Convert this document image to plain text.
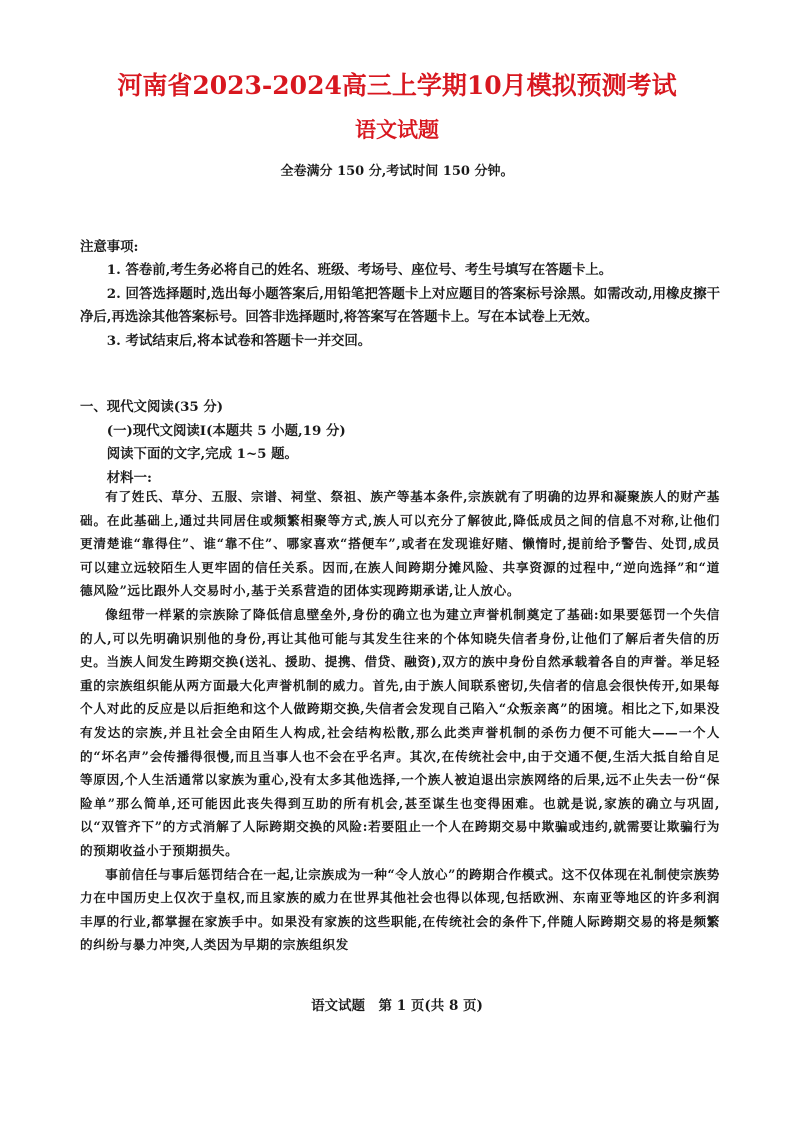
河南省2023-2024高三上学期10月模拟预测考试
语文试题
全卷满分 150 分,考试时间 150 分钟。

注意事项:

1. 答卷前,考生务必将自己的姓名、班级、考场号、座位号、考生号填写在答题卡上。

2. 回答选择题时,选出每小题答案后,用铅笔把答题卡上对应题目的答案标号涂黑。如需改动,用橡皮擦干净后,再选涂其他答案标号。回答非选择题时,将答案写在答题卡上。写在本试卷上无效。

3. 考试结束后,将本试卷和答题卡一并交回。

一、现代文阅读(35 分)

(一)现代文阅读Ⅰ(本题共 5 小题,19 分)

阅读下面的文字,完成 1~5 题。

材料一:

有了姓氏、草分、五服、宗谱、祠堂、祭祖、族产等基本条件,宗族就有了明确的边界和凝聚族人的财产基础。在此基础上,通过共同居住或频繁相聚等方式,族人可以充分了解彼此,降低成员之间的信息不对称,让他们更清楚谁“靠得住”、谁“靠不住”、哪家喜欢“搭便车”,或者在发现谁好赌、懒惰时,提前给予警告、处罚,成员可以建立远较陌生人更牢固的信任关系。因而,在族人间跨期分摊风险、共享资源的过程中,“逆向选择”和“道德风险”远比跟外人交易时小,基于关系营造的团体实现跨期承诺,让人放心。

像纽带一样紧的宗族除了降低信息壁垒外,身份的确立也为建立声誉机制奠定了基础:如果要惩罚一个失信的人,可以先明确识别他的身份,再让其他可能与其发生往来的个体知晓失信者身份,让他们了解后者失信的历史。当族人间发生跨期交换(送礼、援助、提携、借贷、融资),双方的族中身份自然承载着各自的声誉。举足轻重的宗族组织能从两方面最大化声誉机制的威力。首先,由于族人间联系密切,失信者的信息会很快传开,如果每个人对此的反应是以后拒绝和这个人做跨期交换,失信者会发现自己陷入“众叛亲离”的困境。相比之下,如果没有发达的宗族,并且社会全由陌生人构成,社会结构松散,那么此类声誉机制的杀伤力便不可能大——一个人的“坏名声”会传播得很慢,而且当事人也不会在乎名声。其次,在传统社会中,由于交通不便,生活大抵自给自足等原因,个人生活通常以家族为重心,没有太多其他选择,一个族人被迫退出宗族网络的后果,远不止失去一份“保险单”那么简单,还可能因此丧失得到互助的所有机会,甚至谋生也变得困难。也就是说,家族的确立与巩固,以“双管齐下”的方式消解了人际跨期交换的风险:若要阻止一个人在跨期交易中欺骗或违约,就需要让欺骗行为的预期收益小于预期损失。

事前信任与事后惩罚结合在一起,让宗族成为一种“令人放心”的跨期合作模式。这不仅体现在礼制使宗族势力在中国历史上仅次于皇权,而且家族的威力在世界其他社会也得以体现,包括欧洲、东南亚等地区的许多利润丰厚的行业,都掌握在家族手中。如果没有家族的这些职能,在传统社会的条件下,伴随人际跨期交易的将是频繁的纠纷与暴力冲突,人类因为早期的宗族组织发

语文试题　第 1 页(共 8 页)
